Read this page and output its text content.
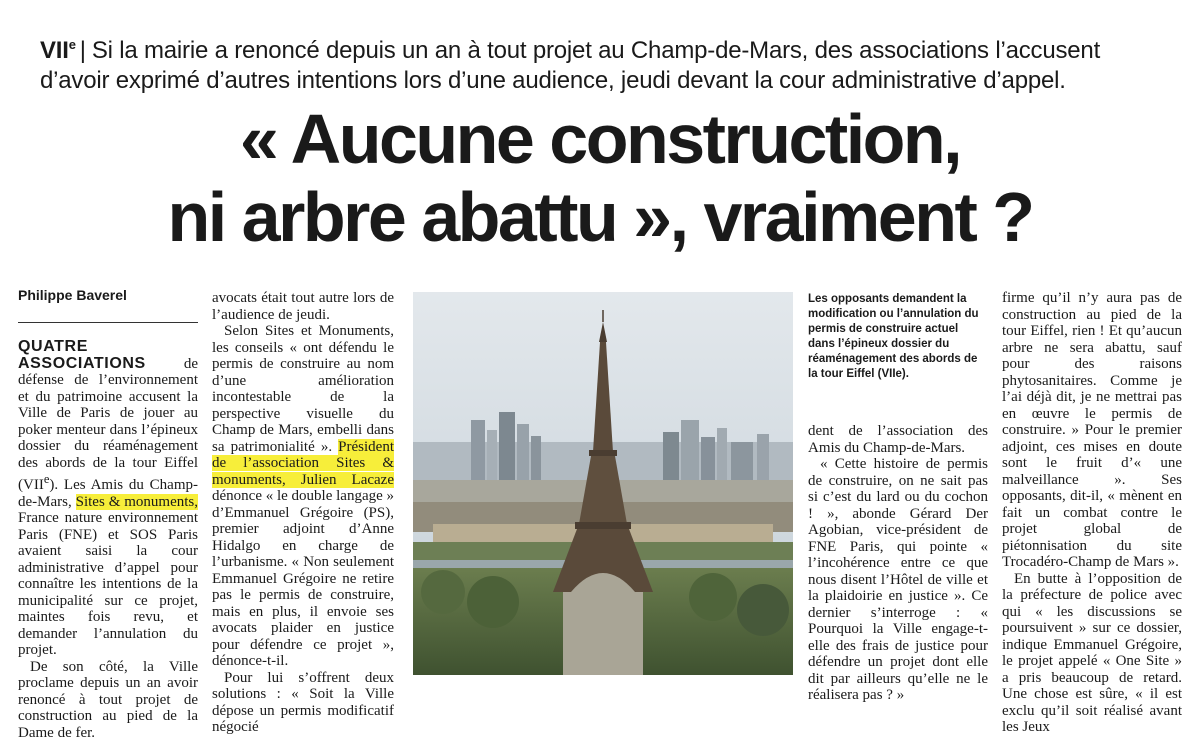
VIIe | Si la mairie a renoncé depuis un an à tout projet au Champ-de-Mars, des associations l’accusent d’avoir exprimé d’autres intentions lors d’une audience, jeudi devant la cour administrative d’appel.

« Aucune construction,
ni arbre abattu », vraiment ?
Philippe Baverel

QUATRE ASSOCIATIONS de défense de l’environnement et du patrimoine accusent la Ville de Paris de jouer au poker menteur dans l’épineux dossier du réaménagement des abords de la tour Eiffel (VIIe). Les Amis du Champ-de-Mars, Sites & monuments, France nature environnement Paris (FNE) et SOS Paris avaient saisi la cour administrative d’appel pour connaître les intentions de la municipalité sur ce projet, maintes fois revu, et demander l’annulation du projet.

De son côté, la Ville proclame depuis un an avoir renoncé à tout projet de construction au pied de la Dame de fer.

avocats était tout autre lors de l’audience de jeudi.

Selon Sites et Monuments, les conseils « ont défendu le permis de construire au nom d’une amélioration incontestable de la perspective visuelle du Champ de Mars, embelli dans sa patrimonialité ». Président de l’association Sites & monuments, Julien Lacaze dénonce « le double langage » d’Emmanuel Grégoire (PS), premier adjoint d’Anne Hidalgo en charge de l’urbanisme. « Non seulement Emmanuel Grégoire ne retire pas le permis de construire, mais en plus, il envoie ses avocats plaider en justice pour défendre ce projet », dénonce-t-il.

Pour lui s’offrent deux solutions : « Soit la Ville dépose un permis modificatif négocié

Les opposants demandent la modification ou l’annulation du permis de construire actuel dans l’épineux dossier du réaménagement des abords de la tour Eiffel (VIIe).

dent de l’association des Amis du Champ-de-Mars.

« Cette histoire de permis de construire, on ne sait pas si c’est du lard ou du cochon ! », abonde Gérard Der Agobian, vice-président de FNE Paris, qui pointe « l’incohérence entre ce que nous disent l’Hôtel de ville et la plaidoirie en justice ». Ce dernier s’interroge : « Pourquoi la Ville engage-t-elle des frais de justice pour défendre un projet dont elle dit par ailleurs qu’elle ne le réalisera pas ? »

firme qu’il n’y aura pas de construction au pied de la tour Eiffel, rien ! Et qu’aucun arbre ne sera abattu, sauf pour des raisons phytosanitaires. Comme je l’ai déjà dit, je ne mettrai pas en œuvre le permis de construire. » Pour le premier adjoint, ces mises en doute sont le fruit d’« une malveillance ». Ses opposants, dit-il, « mènent en fait un combat contre le projet global de piétonnisation du site Trocadéro-Champ de Mars ».

En butte à l’opposition de la préfecture de police avec qui « les discussions se poursuivent » sur ce dossier, indique Emmanuel Grégoire, le projet appelé « One Site » a pris beaucoup de retard. Une chose est sûre, « il est exclu qu’il soit réalisé avant les Jeux
